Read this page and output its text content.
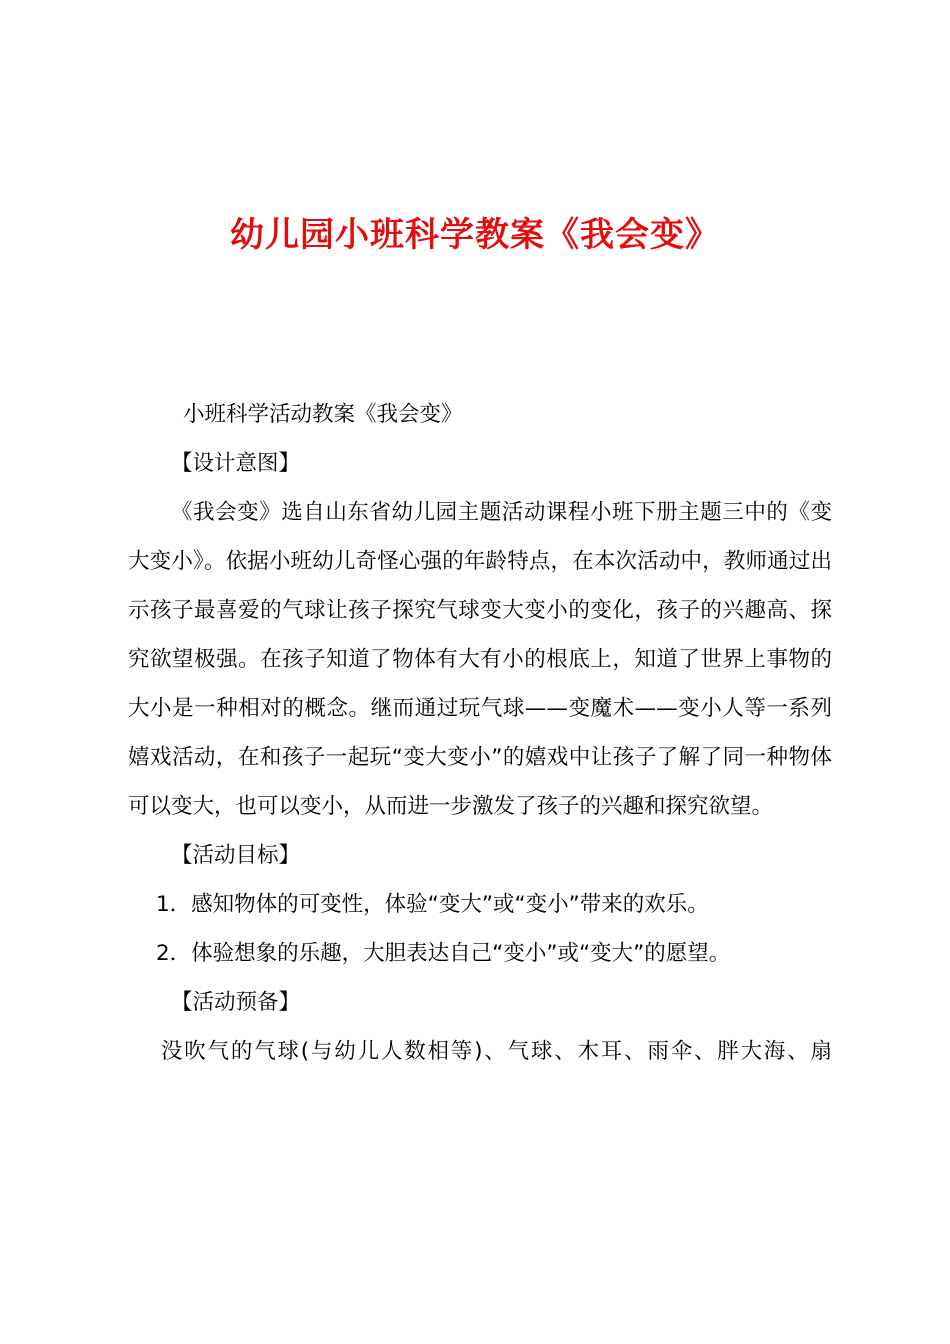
幼儿园小班科学教案《我会变》

小班科学活动教案《我会变》

【设计意图】

《我会变》选自山东省幼儿园主题活动课程小班下册主题三中的《变大变小》。依据小班幼儿奇怪心强的年龄特点，在本次活动中，教师通过出示孩子最喜爱的气球让孩子探究气球变大变小的变化，孩子的兴趣高、探究欲望极强。在孩子知道了物体有大有小的根底上，知道了世界上事物的大小是一种相对的概念。继而通过玩气球——变魔术——变小人等一系列嬉戏活动，在和孩子一起玩“变大变小”的嬉戏中让孩子了解了同一种物体可以变大，也可以变小，从而进一步激发了孩子的兴趣和探究欲望。

【活动目标】

1．感知物体的可变性，体验“变大”或“变小”带来的欢乐。

2．体验想象的乐趣，大胆表达自己“变小”或“变大”的愿望。

【活动预备】

没吹气的气球(与幼儿人数相等)、气球、木耳、雨伞、胖大海、扇
